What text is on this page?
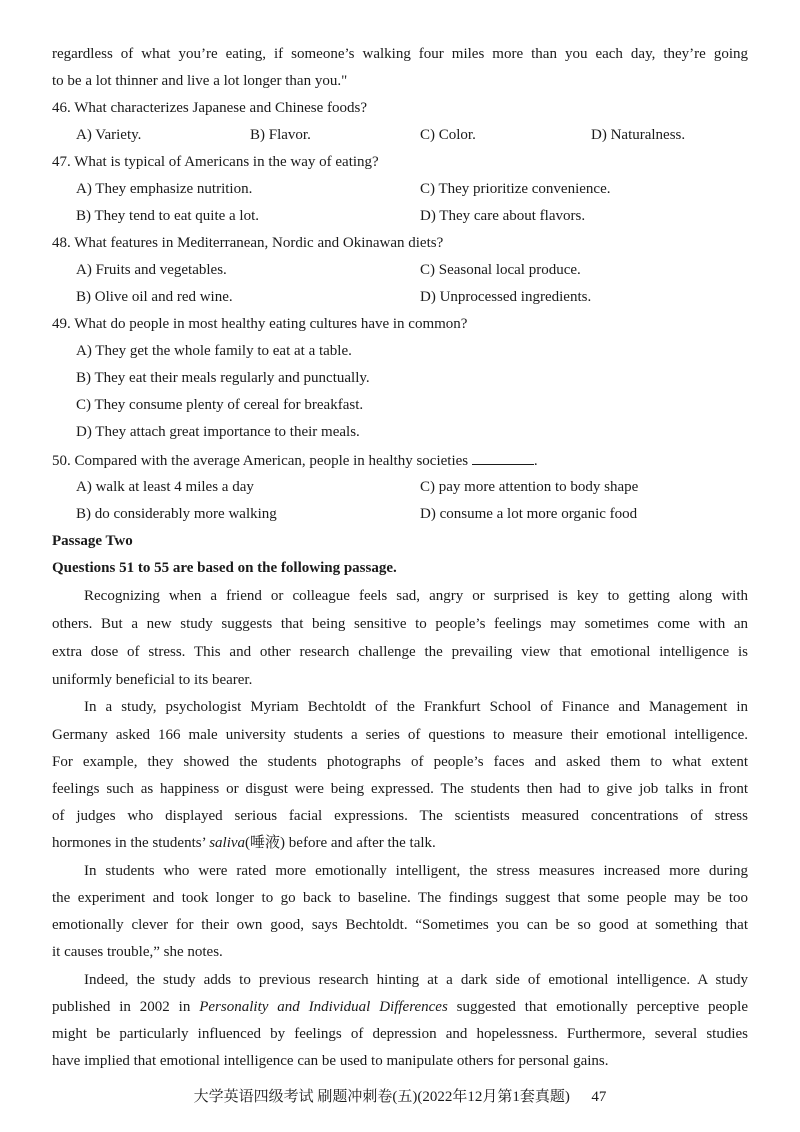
regardless of what you’re eating, if someone’s walking four miles more than you each day, they’re going
to be a lot thinner and live a lot longer than you."
46. What characterizes Japanese and Chinese foods?
A) Variety.	B) Flavor.	C) Color.	D) Naturalness.
47. What is typical of Americans in the way of eating?
A) They emphasize nutrition.	C) They prioritize convenience.
B) They tend to eat quite a lot.	D) They care about flavors.
48. What features in Mediterranean, Nordic and Okinawan diets?
A) Fruits and vegetables.	C) Seasonal local produce.
B) Olive oil and red wine.	D) Unprocessed ingredients.
49. What do people in most healthy eating cultures have in common?
A) They get the whole family to eat at a table.
B) They eat their meals regularly and punctually.
C) They consume plenty of cereal for breakfast.
D) They attach great importance to their meals.
50. Compared with the average American, people in healthy societies	.
A) walk at least 4 miles a day	C) pay more attention to body shape
B) do considerably more walking	D) consume a lot more organic food
Passage Two
Questions 51 to 55 are based on the following passage.
Recognizing when a friend or colleague feels sad, angry or surprised is key to getting along with
others. But a new study suggests that being sensitive to people’s feelings may sometimes come with an
extra dose of stress. This and other research challenge the prevailing view that emotional intelligence is
uniformly beneficial to its bearer.
In a study, psychologist Myriam Bechtoldt of the Frankfurt School of Finance and Management in
Germany asked 166 male university students a series of questions to measure their emotional intelligence.
For example, they showed the students photographs of people’s faces and asked them to what extent
feelings such as happiness or disgust were being expressed. The students then had to give job talks in front
of judges who displayed serious facial expressions. The scientists measured concentrations of stress
hormones in the students’ saliva(唾液) before and after the talk.
In students who were rated more emotionally intelligent, the stress measures increased more during
the experiment and took longer to go back to baseline. The findings suggest that some people may be too
emotionally clever for their own good, says Bechtoldt. “Sometimes you can be so good at something that
it causes trouble,” she notes.
Indeed, the study adds to previous research hinting at a dark side of emotional intelligence. A study
published in 2002 in Personality and Individual Differences suggested that emotionally perceptive people
might be particularly influenced by feelings of depression and hopelessness. Furthermore, several studies
have implied that emotional intelligence can be used to manipulate others for personal gains.
大学英语四级考试 刷题冲刺卷(五)(2022年12月第1套真题) 47
